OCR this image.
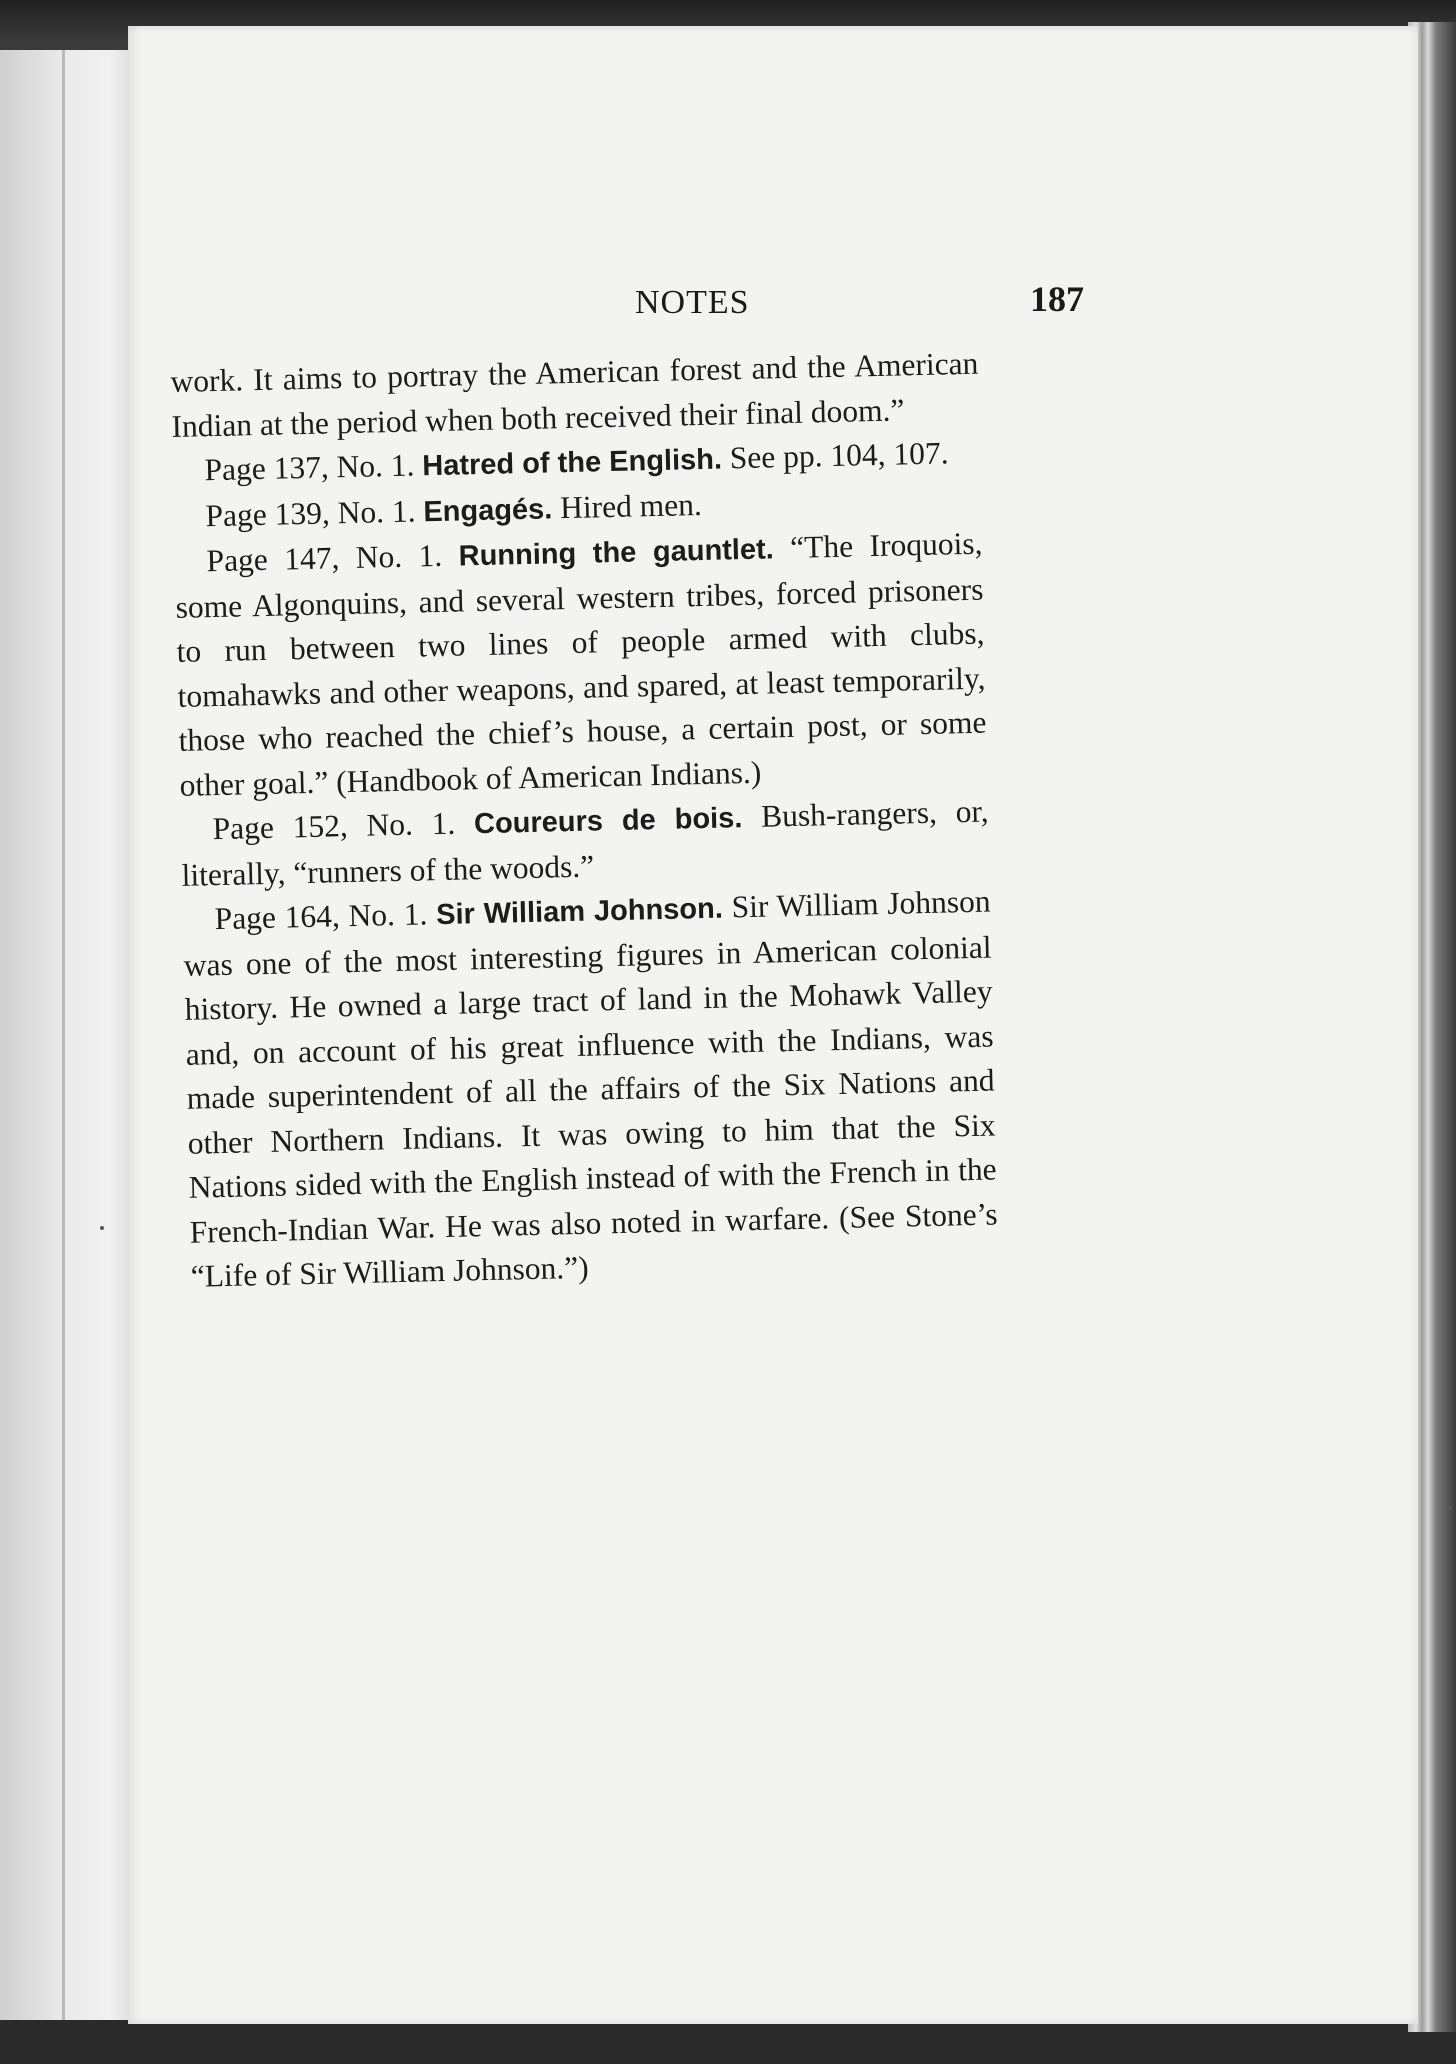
NOTES	187

work. It aims to portray the American forest and the American Indian at the period when both received their final doom.”

Page 137, No. 1. Hatred of the English. See pp. 104, 107.

Page 139, No. 1. Engagés. Hired men.

Page 147, No. 1. Running the gauntlet. “The Iroquois, some Algonquins, and several western tribes, forced prisoners to run between two lines of people armed with clubs, tomahawks and other weapons, and spared, at least temporarily, those who reached the chief’s house, a certain post, or some other goal.” (Handbook of American Indians.)

Page 152, No. 1. Coureurs de bois. Bush-rangers, or, literally, “runners of the woods.”

Page 164, No. 1. Sir William Johnson. Sir William Johnson was one of the most interesting figures in American colonial history. He owned a large tract of land in the Mohawk Valley and, on account of his great influence with the Indians, was made superintendent of all the affairs of the Six Nations and other Northern Indians. It was owing to him that the Six Nations sided with the English instead of with the French in the French-Indian War. He was also noted in warfare. (See Stone’s “Life of Sir William Johnson.”)
